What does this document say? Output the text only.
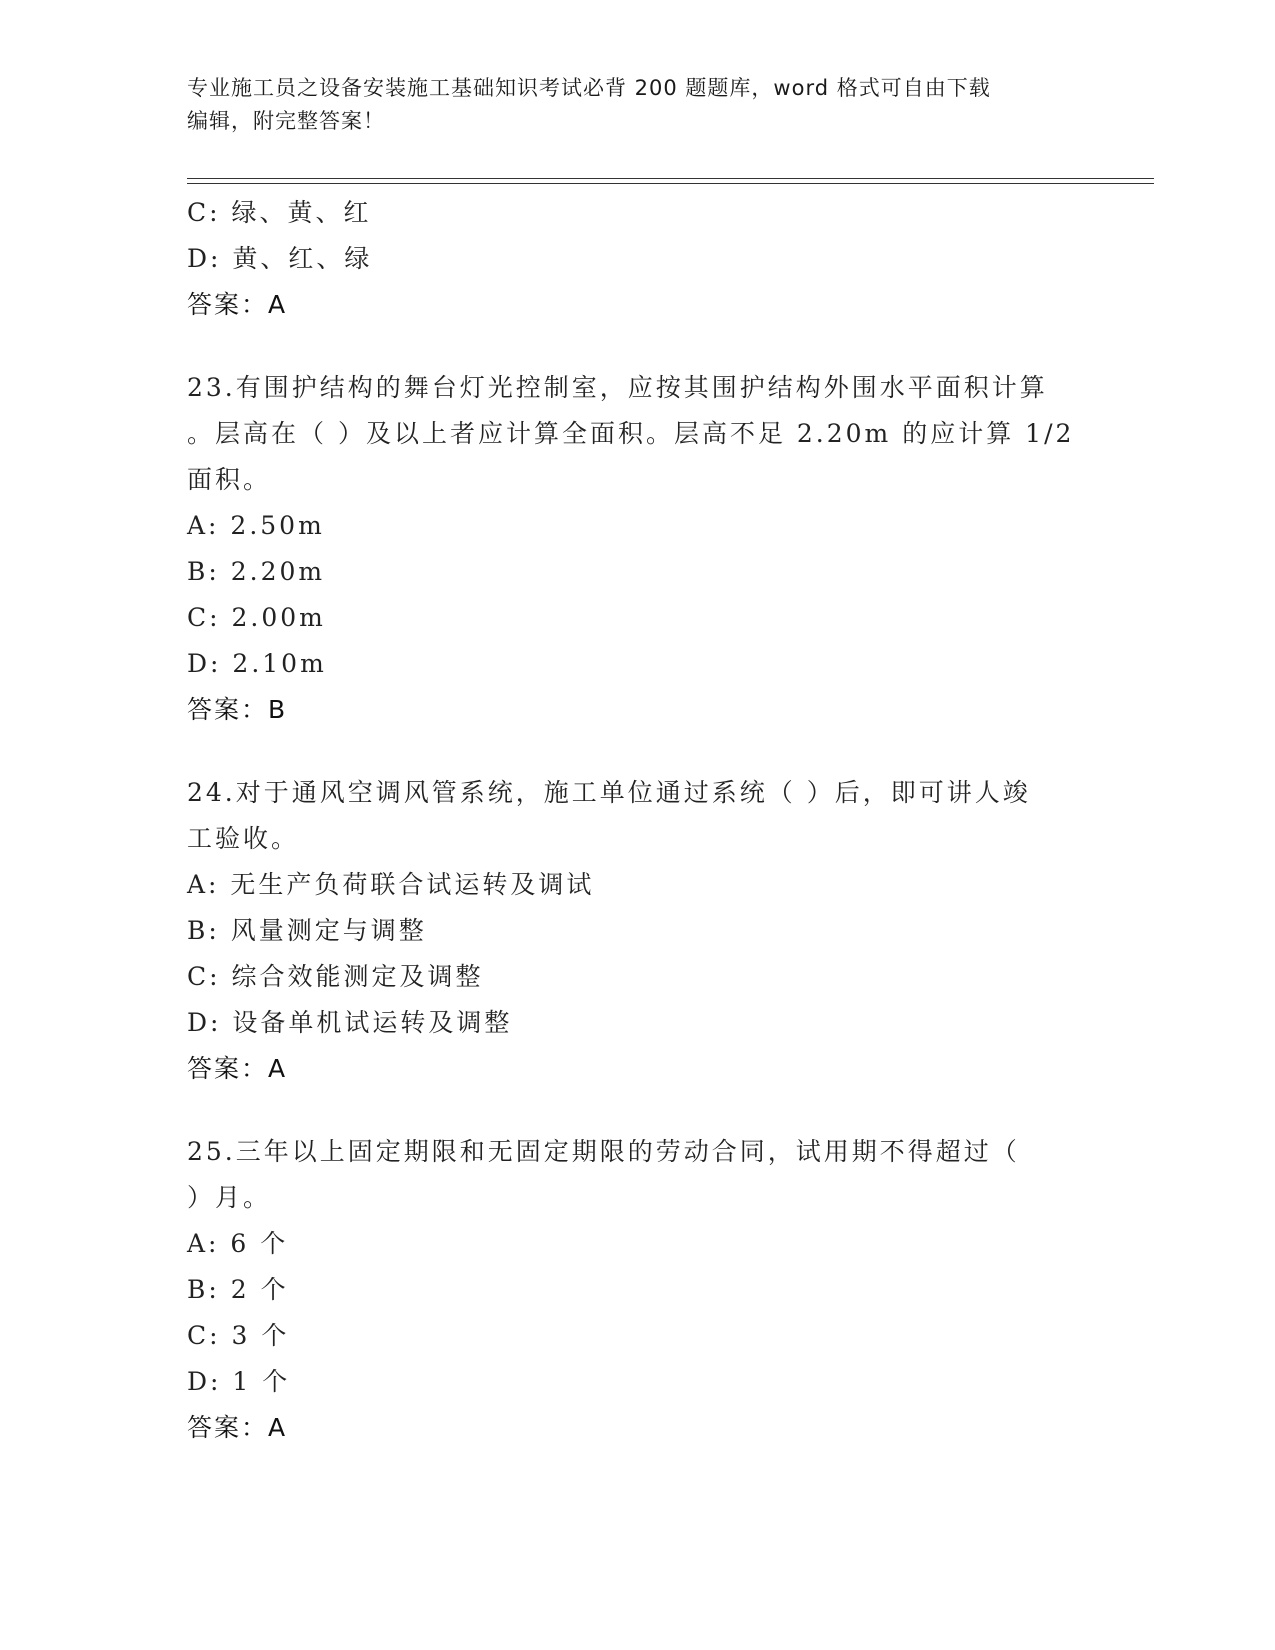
专业施工员之设备安装施工基础知识考试必背 200 题题库，word 格式可自由下载
编辑，附完整答案！
C: 绿、黄、红
D: 黄、红、绿
答案：A
23.有围护结构的舞台灯光控制室，应按其围护结构外围水平面积计算
。层高在（ ）及以上者应计算全面积。层高不足 2.20m 的应计算 1/2
面积。
A: 2.50m
B: 2.20m
C: 2.00m
D: 2.10m
答案：B
24.对于通风空调风管系统，施工单位通过系统（ ）后，即可讲人竣
工验收。
A: 无生产负荷联合试运转及调试
B: 风量测定与调整
C: 综合效能测定及调整
D: 设备单机试运转及调整
答案：A
25.三年以上固定期限和无固定期限的劳动合同，试用期不得超过（
）月。
A: 6 个
B: 2 个
C: 3 个
D: 1 个
答案：A
